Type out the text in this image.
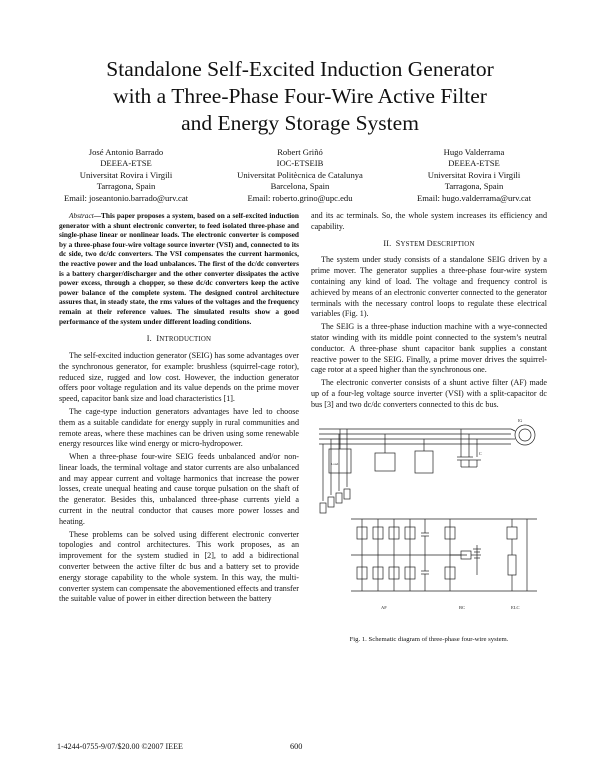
Standalone Self-Excited Induction Generator
with a Three-Phase Four-Wire Active Filter
and Energy Storage System
José Antonio Barrado
DEEEA-ETSE
Universitat Rovira i Virgili
Tarragona, Spain
Email: joseantonio.barrado@urv.cat
Robert Griñó
IOC-ETSEIB
Universitat Politècnica de Catalunya
Barcelona, Spain
Email: roberto.grino@upc.edu
Hugo Valderrama
DEEEA-ETSE
Universitat Rovira i Virgili
Tarragona, Spain
Email: hugo.valderrama@urv.cat
Abstract—This paper proposes a system, based on a self-excited induction generator with a shunt electronic converter, to feed isolated three-phase and single-phase linear or nonlinear loads. The electronic converter is composed by a three-phase four-wire voltage source inverter (VSI) and, connected to its dc side, two dc/dc converters. The VSI compensates the current harmonics, the reactive power and the load unbalances. The first of the dc/dc converters is a battery charger/discharger and the other converter dissipates the active power excess, through a chopper, so these dc/dc converters keep the active power balance of the complete system. The designed control architecture assures that, in steady state, the rms values of the voltages and the frequency remain at their reference values. The simulated results show a good performance of the system under different loading conditions.
I. INTRODUCTION

The self-excited induction generator (SEIG) has some advantages over the synchronous generator, for example: brushless (squirrel-cage rotor), reduced size, rugged and low cost. However, the induction generator offers poor voltage regulation and its value depends on the prime mover speed, capacitor bank size and load characteristics [1].

The cage-type induction generators advantages have led to choose them as a suitable candidate for energy supply in rural communities and remote areas, where these machines can be driven using some renewable energy resources like wind energy or micro-hydropower.

When a three-phase four-wire SEIG feeds unbalanced and/or non-linear loads, the terminal voltage and stator currents are also unbalanced and may appear current and voltage harmonics that increase the power losses, create unequal heating and cause torque pulsation on the shaft of the generator. Besides this, unbalanced three-phase currents yield a current in the neutral conductor that causes more power losses and heating.

These problems can be solved using different electronic converter topologies and control architectures. This work proposes, as an improvement for the system studied in [2], to add a bidirectional converter between the active filter dc bus and a battery set to provide energy storage capability to the whole system. In this way, the multi-converter system can compensate the abovementioned effects and transfer the suitable value of power in either direction between the battery

and its ac terminals. So, the whole system increases its efficiency and capability.

II. SYSTEM DESCRIPTION

The system under study consists of a standalone SEIG driven by a prime mover. The generator supplies a three-phase four-wire system containing any kind of load. The voltage and frequency control is achieved by means of an electronic converter connected to the generator terminals with the necessary control loops to regulate these electrical variables (Fig. 1).

The SEIG is a three-phase induction machine with a wye-connected stator winding with its middle point connected to the system’s neutral conductor. A three-phase shunt capacitor bank supplies a constant reactive power to the SEIG. Finally, a prime mover drives the squirrel-cage rotor at a speed higher than the synchronous one.

The electronic converter consists of a shunt active filter (AF) made up of a four-leg voltage source inverter (VSI) with a split-capacitor dc bus [3] and two dc/dc converters connected to this dc bus.

IG
C
Load
AF	BC	ELC
Fig. 1. Schematic diagram of three-phase four-wire system.
1-4244-0755-9/07/$20.00 ©2007 IEEE	600
